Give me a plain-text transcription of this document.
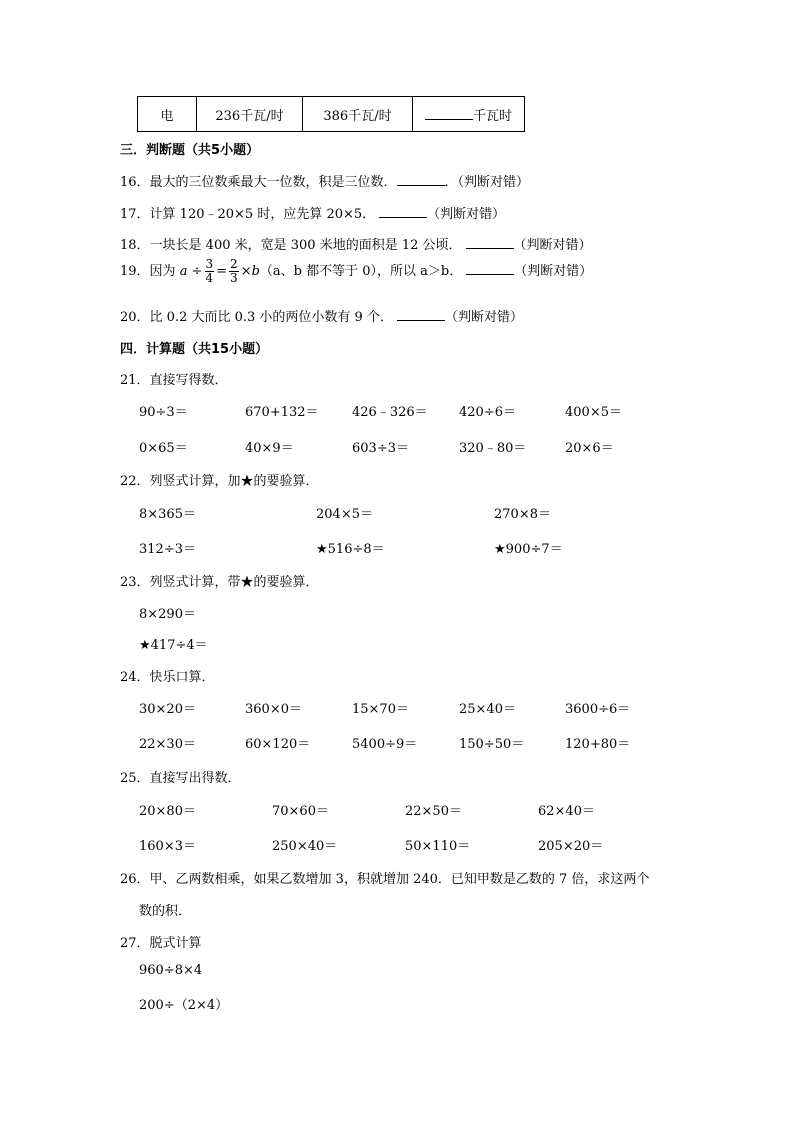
电	236千瓦/时	386千瓦/时	千瓦时
三．判断题（共5小题）
16．最大的三位数乘最大一位数，积是三位数．	．（判断对错）
17．计算 120﹣20×5 时，应先算 20×5．	（判断对错）
18．一块长是 400 米，宽是 300 米地的面积是 12 公顷．	（判断对错）
19．因为 $a \div \frac{3}{4} = \frac{2}{3} \times b(a$、b 都不等于 0），所以 a＞b．	（判断对错）
20．比 0.2 大而比 0.3 小的两位小数有 9 个．	（判断对错）
四．计算题（共15小题）
21．直接写得数．
90÷3＝	670+132＝	426﹣326＝ 420÷6＝	400×5＝
0×65＝	40×9＝	603÷3＝	320﹣80＝	20×6＝
22．列竖式计算，加★的要验算．
8×365＝	204×5＝	270×8＝
312÷3＝	★516÷8＝	★900÷7＝
23．列竖式计算，带★的要验算．
8×290＝
★417÷4＝
24．快乐口算．
30×20＝	360×0＝	15×70＝	25×40＝	3600÷6＝
22×30＝	60×120＝	5400÷9＝	150÷50＝	120+80＝
25．直接写出得数．
20×80＝	70×60＝	22×50＝	62×40＝
160×3＝	250×40＝	50×110＝	205×20＝
26．甲、乙两数相乘，如果乙数增加 3，积就增加 240．已知甲数是乙数的 7 倍，求这两个
数的积．
27．脱式计算
960÷8×4
200÷（2×4）
